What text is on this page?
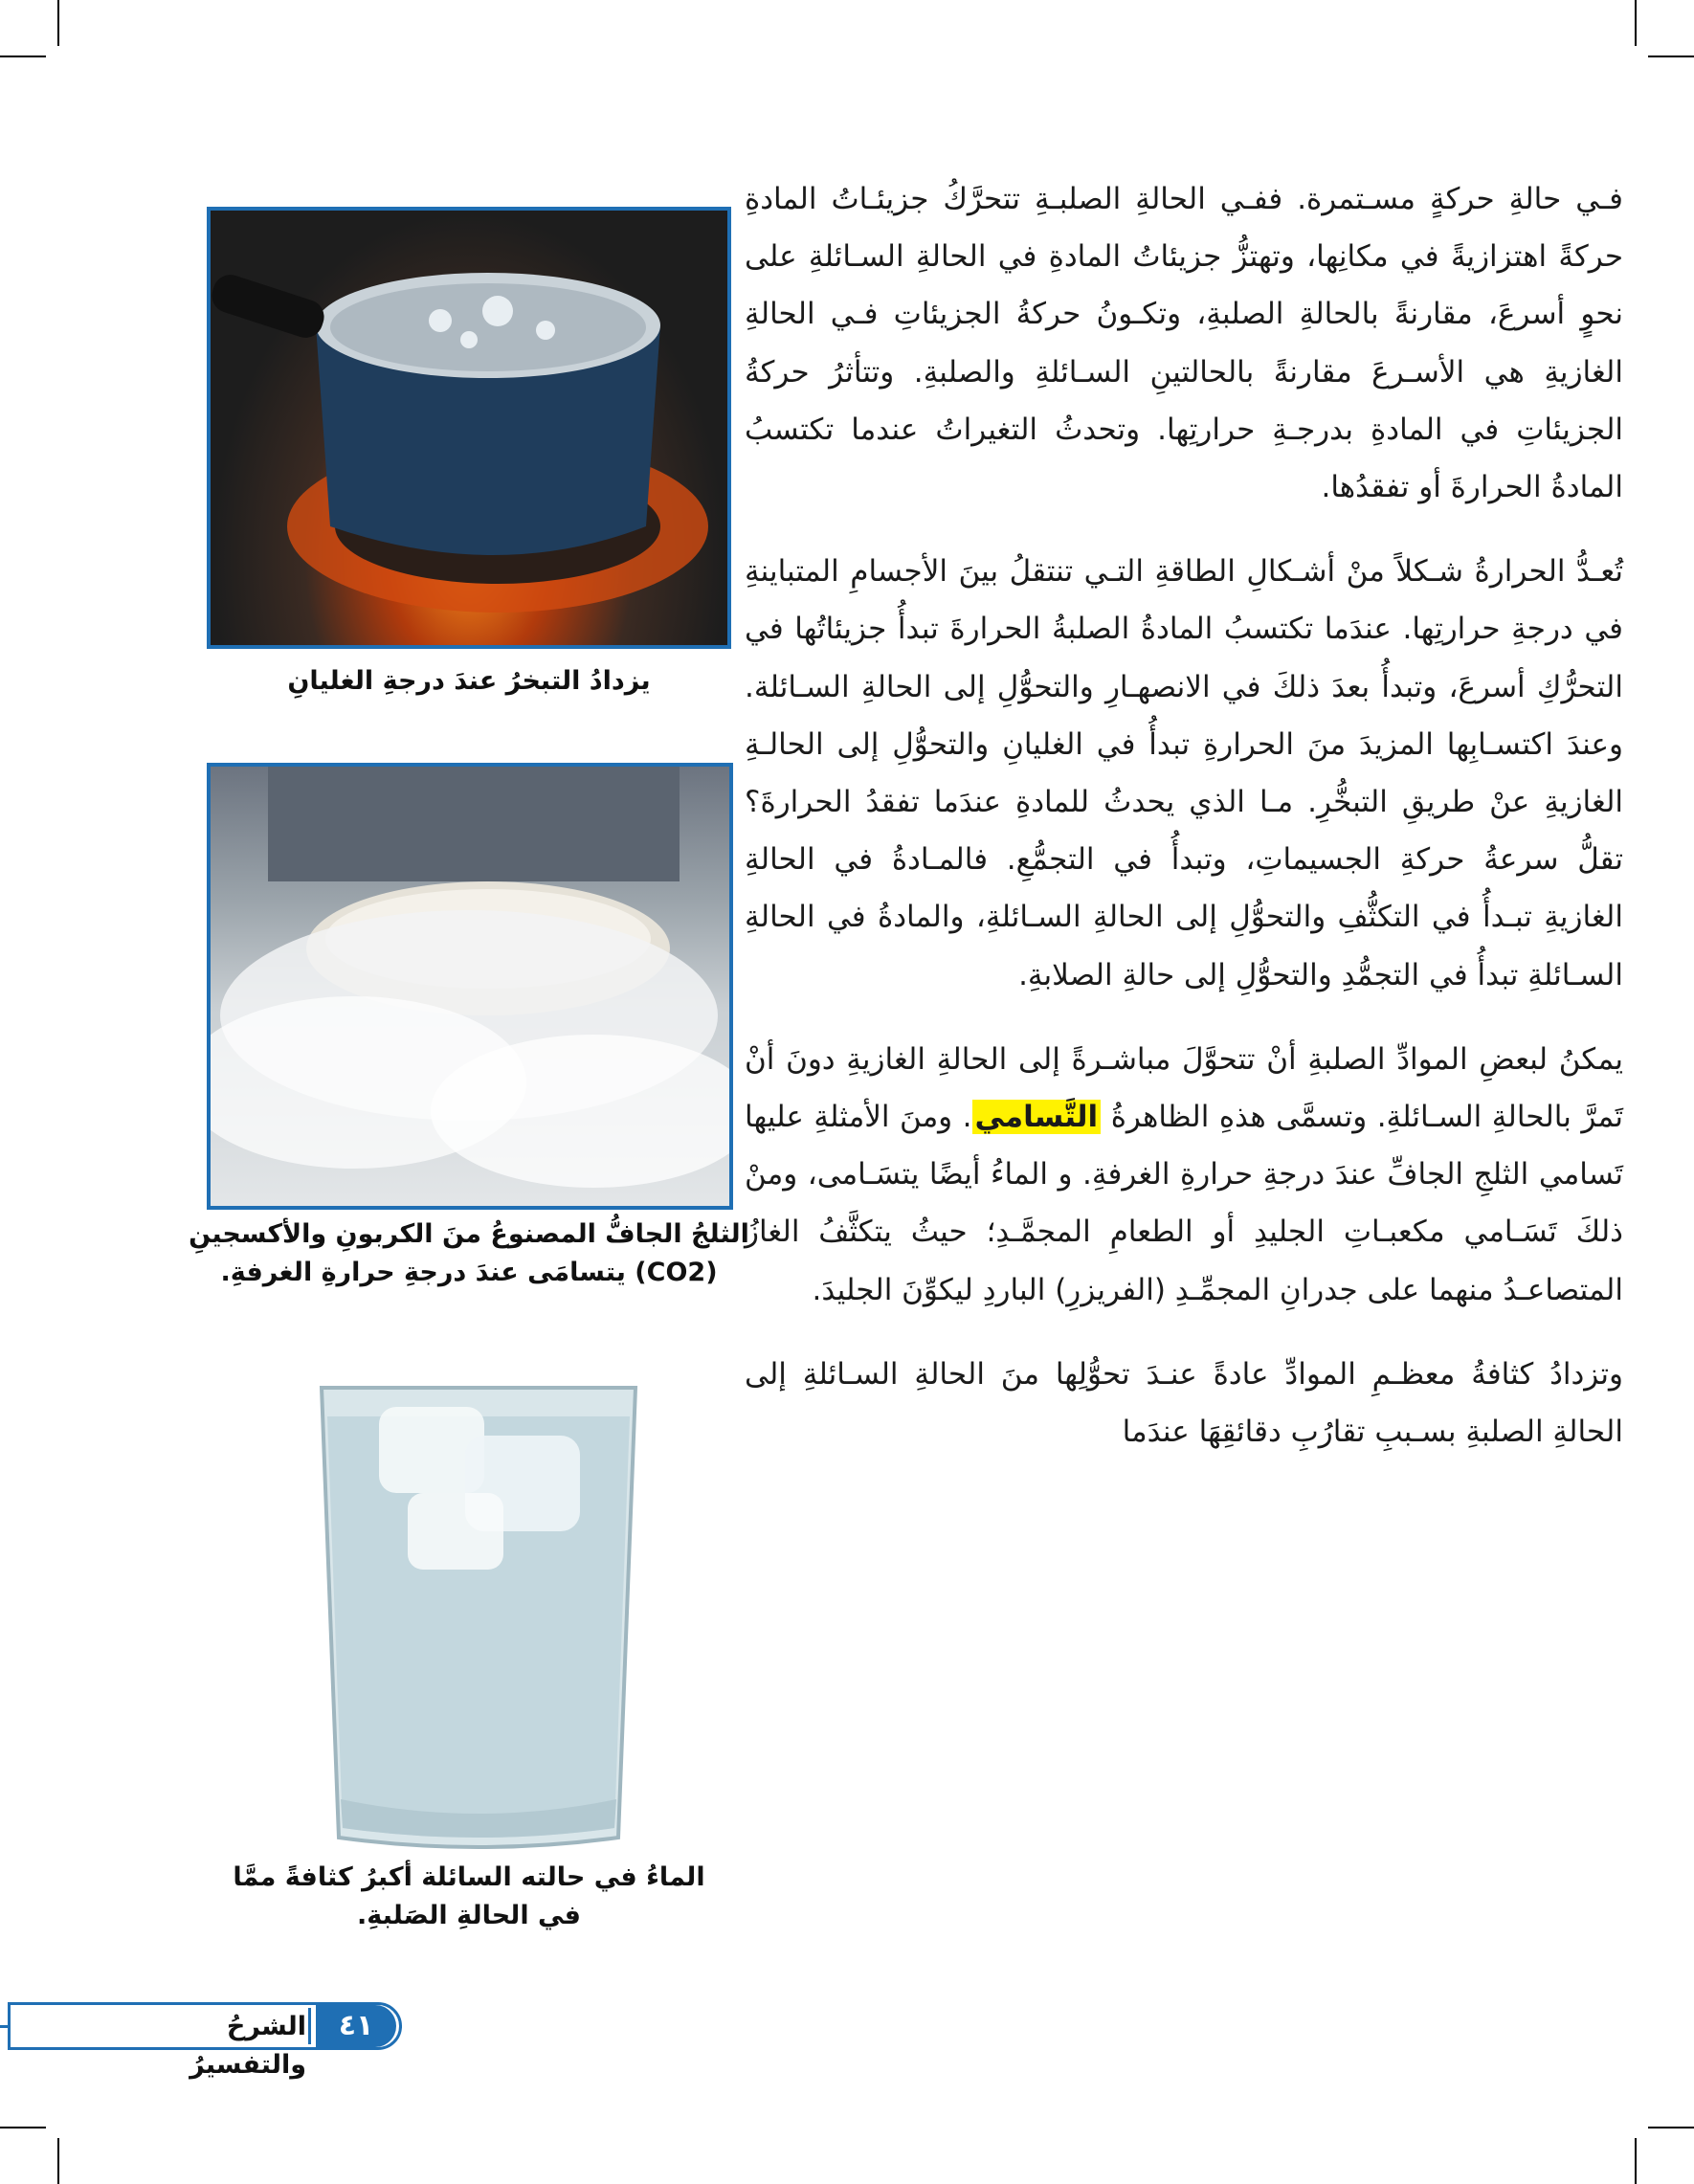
فـي حالةِ حركةٍ مسـتمرة. ففـي الحالةِ الصلبـةِ تتحرَّكُ جزيئـاتُ المادةِ حركةً اهتزازيةً في مكانِها، وتهتزُّ جزيئاتُ المادةِ في الحالةِ السـائلةِ على نحوٍ أسرعَ، مقارنةً بالحالةِ الصلبةِ، وتكـونُ حركةُ الجزيئاتِ فـي الحالةِ الغازيةِ هي الأسـرعَ مقارنةً بالحالتينِ السـائلةِ والصلبةِ. وتتأثرُ حركةُ الجزيئاتِ في المادةِ بدرجـةِ حرارتِها. وتحدثُ التغيراتُ عندما تكتسبُ المادةُ الحرارةَ أو تفقدُها.

تُعـدُّ الحرارةُ شـكلاً منْ أشـكالِ الطاقةِ التـي تنتقلُ بينَ الأجسامِ المتباينةِ في درجةِ حرارتِها. عندَما تكتسبُ المادةُ الصلبةُ الحرارةَ تبدأُ جزيئاتُها في التحرُّكِ أسرعَ، وتبدأُ بعدَ ذلكَ في الانصهـارِ والتحوُّلِ إلى الحالةِ السـائلة. وعندَ اكتسـابِها المزيدَ منَ الحرارةِ تبدأُ في الغليانِ والتحوُّلِ إلى الحالـةِ الغازيةِ عنْ طريقِ التبخُّرِ. مـا الذي يحدثُ للمادةِ عندَما تفقدُ الحرارةَ؟ تقلُّ سرعةُ حركةِ الجسيماتِ، وتبدأُ في التجمُّعِ. فالمـادةُ في الحالةِ الغازيةِ تبـدأُ في التكثُّفِ والتحوُّلِ إلى الحالةِ السـائلةِ، والمادةُ في الحالةِ السـائلةِ تبدأُ في التجمُّدِ والتحوُّلِ إلى حالةِ الصلابةِ.

يمكنُ لبعضِ الموادِّ الصلبةِ أنْ تتحوَّلَ مباشـرةً إلى الحالةِ الغازيةِ دونَ أنْ تَمرَّ بالحالةِ السـائلةِ. وتسمَّى هذهِ الظاهرةُ التَّسامي. ومنَ الأمثلةِ عليها تَسامي الثلجِ الجافِّ عندَ درجةِ حرارةِ الغرفةِ. و الماءُ أيضًا يتسَـامى، ومنْ ذلكَ تَسَـامي مكعبـاتِ الجليدِ أو الطعامِ المجمَّـدِ؛ حيثُ يتكثَّفُ الغازُ المتصاعـدُ منهما على جدرانِ المجمِّـدِ (الفريزرِ) الباردِ ليكوِّنَ الجليدَ.

وتزدادُ كثافةُ معظـمِ الموادِّ عادةً عنـدَ تحوُّلِها منَ الحالةِ السـائلةِ إلى الحالةِ الصلبةِ بسـببِ تقارُبِ دقائقِهَا عندَما

يزدادُ التبخرُ عندَ درجةِ الغليانِ
الثلجُ الجافُّ المصنوعُ منَ الكربونِ والأكسجينِ (CO2) يتسامَى عندَ درجةِ حرارةِ الغرفةِ.
الماءُ في حالته السائلة أكبرُ كثافةً ممَّا في الحالةِ الصَلبةِ.
الشرحُ والتفسيرُ
٤١
